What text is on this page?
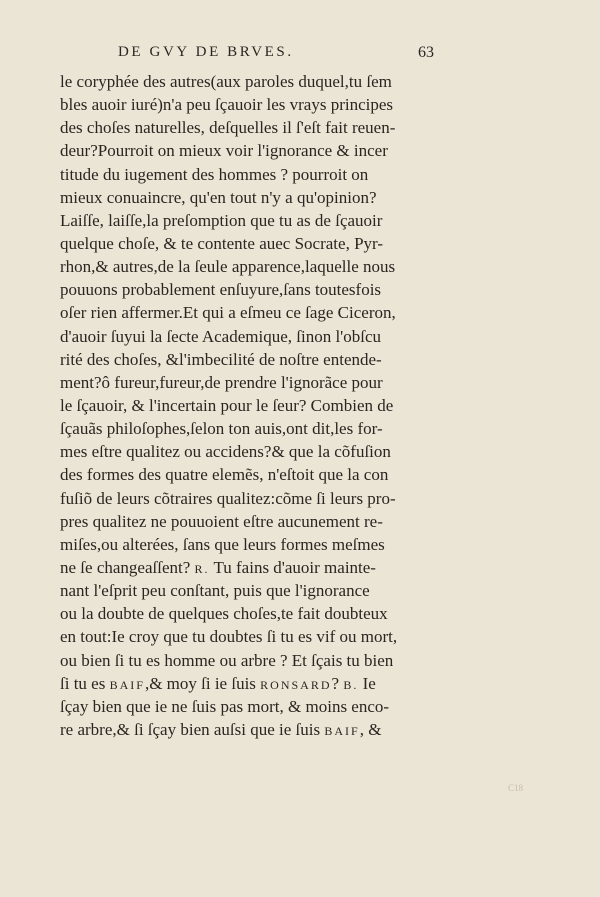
DE GVY DE BRVES.	63
le coryphée des autres(aux paroles duquel,tu ſem
bles auoir iuré)n'a peu ſçauoir les vrays principes
des choſes naturelles, deſquelles il ſ'eſt fait reuen-
deur?Pourroit on mieux voir l'ignorance & incer
titude du iugement des hommes ? pourroit on
mieux conuaincre, qu'en tout n'y a qu'opinion?
Laiſſe, laiſſe,la preſomption que tu as de ſçauoir
quelque choſe, & te contente auec Socrate, Pyr-
rhon,& autres,de la ſeule apparence,laquelle nous
pouuons probablement enſuyure,ſans toutesfois
oſer rien affermer.Et qui a eſmeu ce ſage Ciceron,
d'auoir ſuyui la ſecte Academique, ſinon l'obſcu
rité des choſes, &l'imbecilité de noſtre entende-
ment?ô fureur,fureur,de prendre l'ignorãce pour
le ſçauoir, & l'incertain pour le ſeur? Combien de
ſçauãs philoſophes,ſelon ton auis,ont dit,les for-
mes eſtre qualitez ou accidens?& que la cõfuſion
des formes des quatre elemẽs, n'eſtoit que la con
fuſiõ de leurs cõtraires qualitez:cõme ſi leurs pro-
pres qualitez ne pouuoient eſtre aucunement re-
miſes,ou alterées, ſans que leurs formes meſmes
ne ſe changeaſſent? R. Tu fains d'auoir mainte-
nant l'eſprit peu conſtant, puis que l'ignorance
ou la doubte de quelques choſes,te fait doubteux
en tout:Ie croy que tu doubtes ſi tu es vif ou mort,
ou bien ſi tu es homme ou arbre ? Et ſçais tu bien
ſi tu es BAIF,& moy ſi ie ſuis RONSARD? B. Ie
ſçay bien que ie ne ſuis pas mort, & moins enco-
re arbre,& ſi ſçay bien auſsi que ie ſuis BAIF, &
C18
